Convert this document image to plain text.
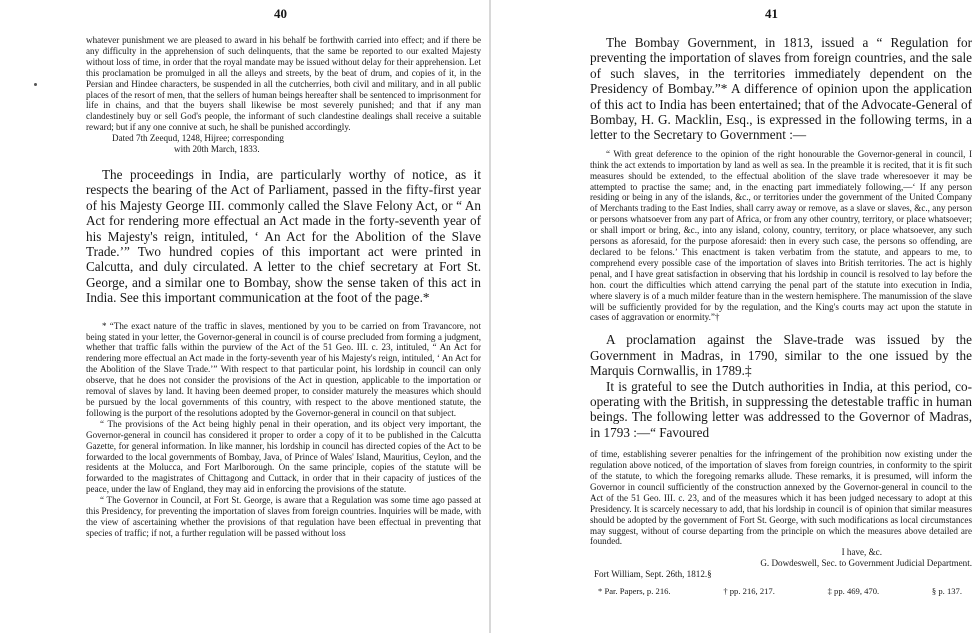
40

whatever punishment we are pleased to award in his behalf be forthwith carried into effect; and if there be any difficulty in the apprehension of such delinquents, that the same be reported to our exalted Majesty without loss of time, in order that the royal mandate may be issued without delay for their apprehension. Let this proclamation be promulged in all the alleys and streets, by the beat of drum, and copies of it, in the Persian and Hindee characters, be suspended in all the cutcherries, both civil and military, and in all public places of the resort of men, that the sellers of human beings hereafter shall be sentenced to imprisonment for life in chains, and that the buyers shall likewise be most severely punished; and that if any man clandestinely buy or sell God's people, the informant of such clandestine dealings shall receive a suitable reward; but if any one connive at such, he shall be punished accordingly.

Dated 7th Zeequd, 1248, Hijree; corresponding

with 20th March, 1833.

The proceedings in India, are particularly worthy of notice, as it respects the bearing of the Act of Parliament, passed in the fifty-first year of his Majesty George III. commonly called the Slave Felony Act, or “ An Act for rendering more effectual an Act made in the forty-seventh year of his Majesty's reign, intituled, ‘ An Act for the Abolition of the Slave Trade.’” Two hundred copies of this important act were printed in Calcutta, and duly circulated. A letter to the chief secretary at Fort St. George, and a similar one to Bombay, show the sense taken of this act in India. See this important communication at the foot of the page.*

* “The exact nature of the traffic in slaves, mentioned by you to be carried on from Travancore, not being stated in your letter, the Governor-general in council is of course precluded from forming a judgment, whether that traffic falls within the purview of the Act of the 51 Geo. III. c. 23, intituled, “ An Act for rendering more effectual an Act made in the forty-seventh year of his Majesty's reign, intituled, ‘ An Act for the Abolition of the Slave Trade.’” With respect to that particular point, his lordship in council can only observe, that he does not consider the provisions of the Act in question, applicable to the importation or removal of slaves by land. It having been deemed proper, to consider maturely the measures which should be pursued by the local governments of this country, with respect to the above mentioned statute, the following is the purport of the resolutions adopted by the Governor-general in council on that subject.

“ The provisions of the Act being highly penal in their operation, and its object very important, the Governor-general in council has considered it proper to order a copy of it to be published in the Calcutta Gazette, for general information. In like manner, his lordship in council has directed copies of the Act to be forwarded to the local governments of Bombay, Java, of Prince of Wales' Island, Mauritius, Ceylon, and the residents at the Molucca, and Fort Marlborough. On the same principle, copies of the statute will be forwarded to the magistrates of Chittagong and Cuttack, in order that in their capacity of justices of the peace, under the law of England, they may aid in enforcing the provisions of the statute.

“ The Governor in Council, at Fort St. George, is aware that a Regulation was some time ago passed at this Presidency, for preventing the importation of slaves from foreign countries. Inquiries will be made, with the view of ascertaining whether the provisions of that regulation have been effectual in preventing that species of traffic; if not, a further regulation will be passed without loss

41

The Bombay Government, in 1813, issued a “ Regulation for preventing the importation of slaves from foreign countries, and the sale of such slaves, in the territories immediately dependent on the Presidency of Bombay.”* A difference of opinion upon the application of this act to India has been entertained; that of the Advocate-General of Bombay, H. G. Macklin, Esq., is expressed in the following terms, in a letter to the Secretary to Government :—

“ With great deference to the opinion of the right honourable the Governor-general in council, I think the act extends to importation by land as well as sea. In the preamble it is recited, that it is fit such measures should be extended, to the effectual abolition of the slave trade wheresoever it may be attempted to practise the same; and, in the enacting part immediately following,—‘ If any person residing or being in any of the islands, &c., or territories under the government of the United Company of Merchants trading to the East Indies, shall carry away or remove, as a slave or slaves, &c., any person or persons whatsoever from any part of Africa, or from any other country, territory, or place whatsoever; or shall import or bring, &c., into any island, colony, country, territory, or place whatsoever, any such persons as aforesaid, for the purpose aforesaid: then in every such case, the persons so offending, are declared to be felons.’ This enactment is taken verbatim from the statute, and appears to me, to comprehend every possible case of the importation of slaves into British territories. The act is highly penal, and I have great satisfaction in observing that his lordship in council is resolved to lay before the hon. court the difficulties which attend carrying the penal part of the statute into execution in India, where slavery is of a much milder feature than in the western hemisphere. The manumission of the slave will be sufficiently provided for by the regulation, and the King's courts may act upon the statute in cases of aggravation or enormity.”†

A proclamation against the Slave-trade was issued by the Government in Madras, in 1790, similar to the one issued by the Marquis Cornwallis, in 1789.‡

It is grateful to see the Dutch authorities in India, at this period, co-operating with the British, in suppressing the detestable traffic in human beings. The following letter was addressed to the Governor of Madras, in 1793 :—“ Favoured

of time, establishing severer penalties for the infringement of the prohibition now existing under the regulation above noticed, of the importation of slaves from foreign countries, in conformity to the spirit of the statute, to which the foregoing remarks allude. These remarks, it is presumed, will inform the Governor in council sufficiently of the construction annexed by the Governor-general in council to the Act of the 51 Geo. III. c. 23, and of the measures which it has been judged necessary to adopt at this Presidency. It is scarcely necessary to add, that his lordship in council is of opinion that similar measures should be adopted by the government of Fort St. George, with such modifications as local circumstances may suggest, without of course departing from the principle on which the measures above detailed are founded.

I have, &c.

G. Dowdeswell, Sec. to Government Judicial Department.

Fort William, Sept. 26th, 1812.§

* Par. Papers, p. 216.	† pp. 216, 217.	‡ pp. 469, 470.	§ p. 137.
